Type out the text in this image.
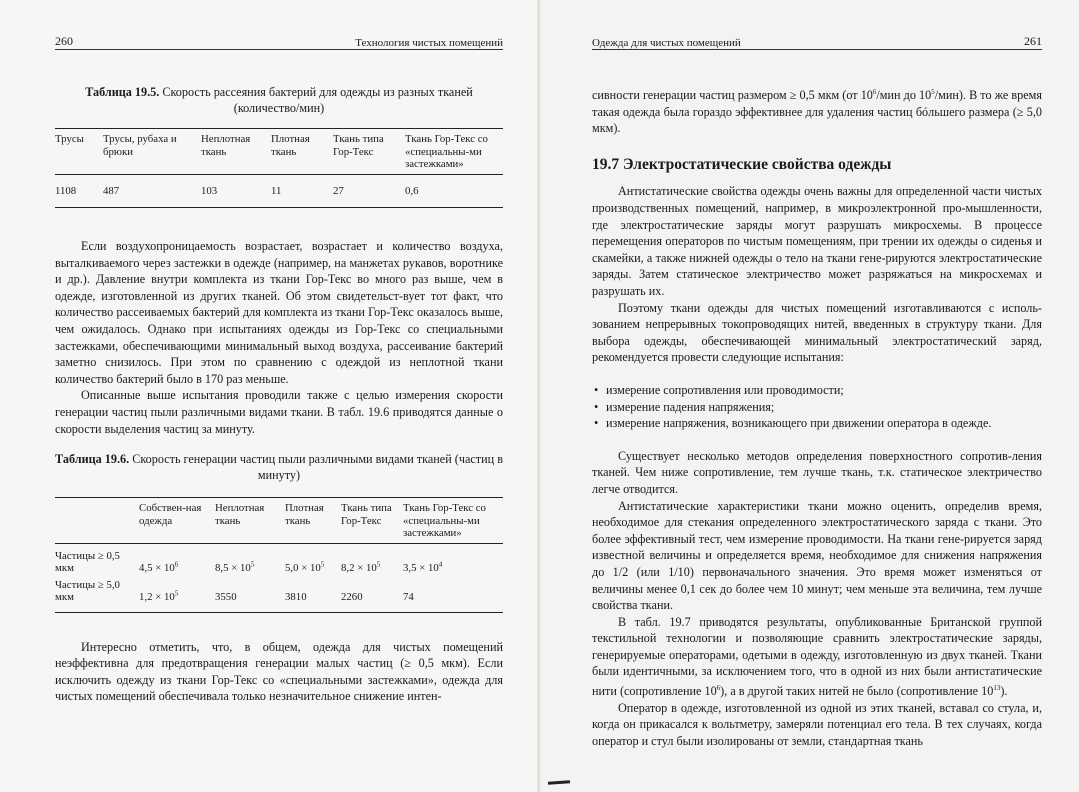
260	Технология чистых помещений
Таблица 19.5. Скорость рассеяния бактерий для одежды из разных тканей (количество/мин)
Трусы	Трусы, рубаха и брюки	Неплотная ткань	Плотная ткань	Ткань типа Гор-Текс	Ткань Гор-Текс со «специальны-ми застежками»
1108	487	103	11	27	0,6

Если воздухопроницаемость возрастает, возрастает и количество воздуха, выталкиваемого через застежки в одежде (например, на манжетах рукавов, воротнике и др.). Давление внутри комплекта из ткани Гор-Текс во много раз выше, чем в одежде, изготовленной из других тканей. Об этом свидетельст-вует тот факт, что количество рассеиваемых бактерий для комплекта из ткани Гор-Текс оказалось выше, чем ожидалось. Однако при испытаниях одежды из Гор-Текс со специальными застежками, обеспечивающими минимальный выход воздуха, рассеивание бактерий заметно снизилось. При этом по сравнению с одеждой из неплотной ткани количество бактерий было в 170 раз меньше.

Описанные выше испытания проводили также с целью измерения скорости генерации частиц пыли различными видами ткани. В табл. 19.6 приводятся данные о скорости выделения частиц за минуту.

Таблица 19.6. Скорость генерации частиц пыли различными видами тканей (частиц в минуту)
	Собствен-ная одежда	Неплотная ткань	Плотная ткань	Ткань типа Гор-Текс	Ткань Гор-Текс со «специальны-ми застежками»
Частицы ≥ 0,5 мкм	$4,5 \times 10^6$	$8,5 \times 10^5$	$5,0 \times 10^5$	$8,2 \times 10^5$	$3,5 \times 10^4$
Частицы ≥ 5,0 мкм	$1,2 \times 10^5$	3550	3810	2260	74

Интересно отметить, что, в общем, одежда для чистых помещений неэффективна для предотвращения генерации малых частиц (≥ 0,5 мкм). Если исключить одежду из ткани Гор-Текс со «специальными застежками», одежда для чистых помещений обеспечивала только незначительное снижение интен-

Одежда для чистых помещений	261

сивности генерации частиц размером ≥ 0,5 мкм (от $10^6$/мин до $10^5/мин$). В то же время такая одежда была гораздо эффективнее для удаления частиц бóльшего размера (≥ 5,0 мкм).

19.7 Электростатические свойства одежды

Антистатические свойства одежды очень важны для определенной части чистых производственных помещений, например, в микроэлектронной про-мышленности, где электростатические заряды могут разрушать микросхемы. В процессе перемещения операторов по чистым помещениям, при трении их одежды о сиденья и скамейки, а также нижней одежды о тело на ткани гене-рируются электростатические заряды. Затем статическое электричество может разряжаться на микросхемах и разрушать их.

Поэтому ткани одежды для чистых помещений изготавливаются с исполь-зованием непрерывных токопроводящих нитей, введенных в структуру ткани. Для выбора одежды, обеспечивающей минимальный электростатический заряд, рекомендуется провести следующие испытания:

• измерение сопротивления или проводимости;
• измерение падения напряжения;
• измерение напряжения, возникающего при движении оператора в одежде.

Существует несколько методов определения поверхностного сопротив-ления тканей. Чем ниже сопротивление, тем лучше ткань, т.к. статическое электричество легче отводится.

Антистатические характеристики ткани можно оценить, определив время, необходимое для стекания определенного электростатического заряда с ткани. Это более эффективный тест, чем измерение проводимости. На ткани гене-рируется заряд известной величины и определяется время, необходимое для снижения напряжения до 1/2 (или 1/10) первоначального значения. Это время может изменяться от величины менее 0,1 сек до более чем 10 минут; чем меньше эта величина, тем лучше свойства ткани.

В табл. 19.7 приводятся результаты, опубликованные Британской группой текстильной технологии и позволяющие сравнить электростатические заряды, генерируемые операторами, одетыми в одежду, изготовленную из двух тканей. Ткани были идентичными, за исключением того, что в одной из них были антистатические нити (сопротивление $10^6$), а в другой таких нитей не было (сопротивление $10^{13}$).

Оператор в одежде, изготовленной из одной из этих тканей, вставал со стула, и, когда он прикасался к вольтметру, замеряли потенциал его тела. В тех случаях, когда оператор и стул были изолированы от земли, стандартная ткань
